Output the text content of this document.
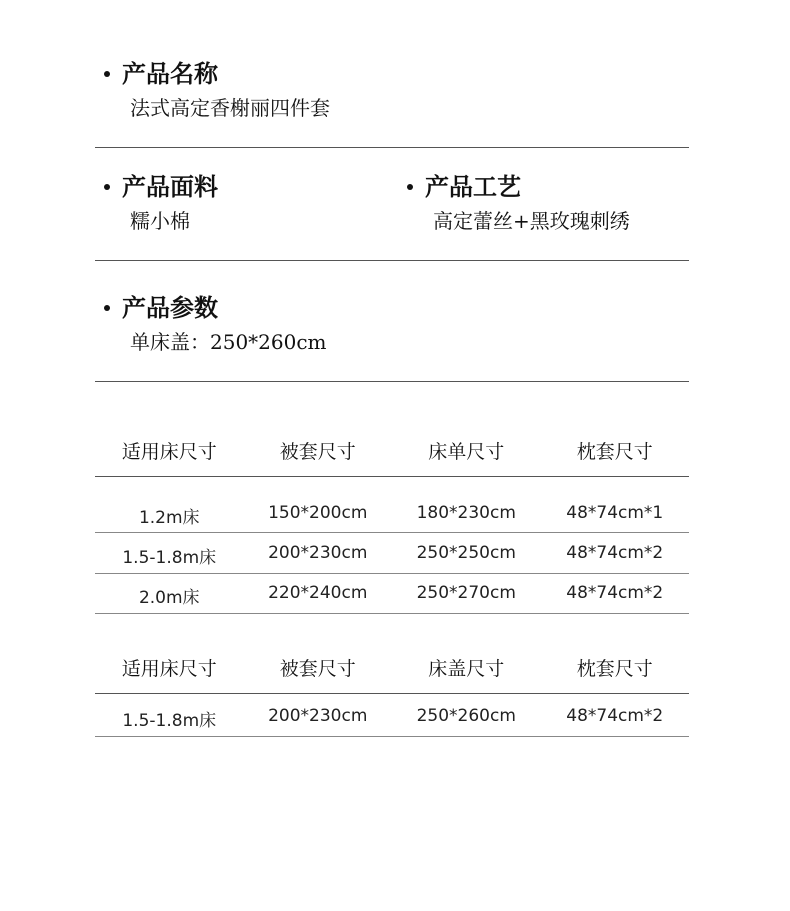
产品名称
法式高定香榭丽四件套
产品面料
糯小棉
产品工艺
高定蕾丝+黑玫瑰刺绣
产品参数
单床盖：250*260cm
适用床尺寸	被套尺寸	床单尺寸	枕套尺寸
1.2m床	150*200cm	180*230cm	48*74cm*1
1.5-1.8m床	200*230cm	250*250cm	48*74cm*2
2.0m床	220*240cm	250*270cm	48*74cm*2
适用床尺寸	被套尺寸	床盖尺寸	枕套尺寸
1.5-1.8m床	200*230cm	250*260cm	48*74cm*2
